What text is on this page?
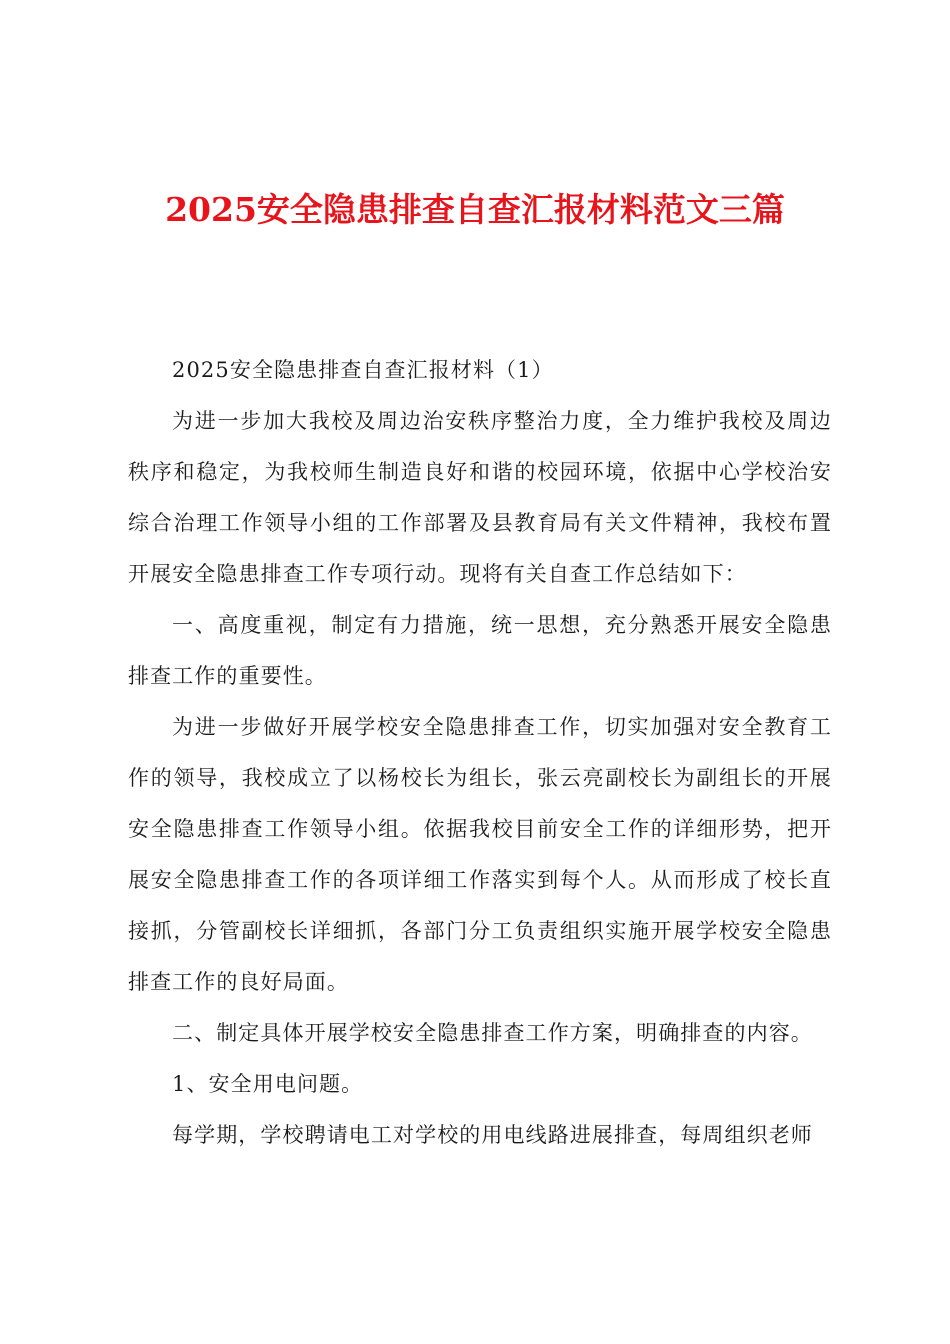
2025安全隐患排查自查汇报材料范文三篇

2025安全隐患排查自查汇报材料（1）

为进一步加大我校及周边治安秩序整治力度，全力维护我校及周边秩序和稳定，为我校师生制造良好和谐的校园环境，依据中心学校治安综合治理工作领导小组的工作部署及县教育局有关文件精神，我校布置开展安全隐患排查工作专项行动。现将有关自查工作总结如下：

一、高度重视，制定有力措施，统一思想，充分熟悉开展安全隐患排查工作的重要性。

为进一步做好开展学校安全隐患排查工作，切实加强对安全教育工作的领导，我校成立了以杨校长为组长，张云亮副校长为副组长的开展安全隐患排查工作领导小组。依据我校目前安全工作的详细形势，把开展安全隐患排查工作的各项详细工作落实到每个人。从而形成了校长直接抓，分管副校长详细抓，各部门分工负责组织实施开展学校安全隐患排查工作的良好局面。

二、制定具体开展学校安全隐患排查工作方案，明确排查的内容。

1、安全用电问题。

每学期，学校聘请电工对学校的用电线路进展排查，每周组织老师
